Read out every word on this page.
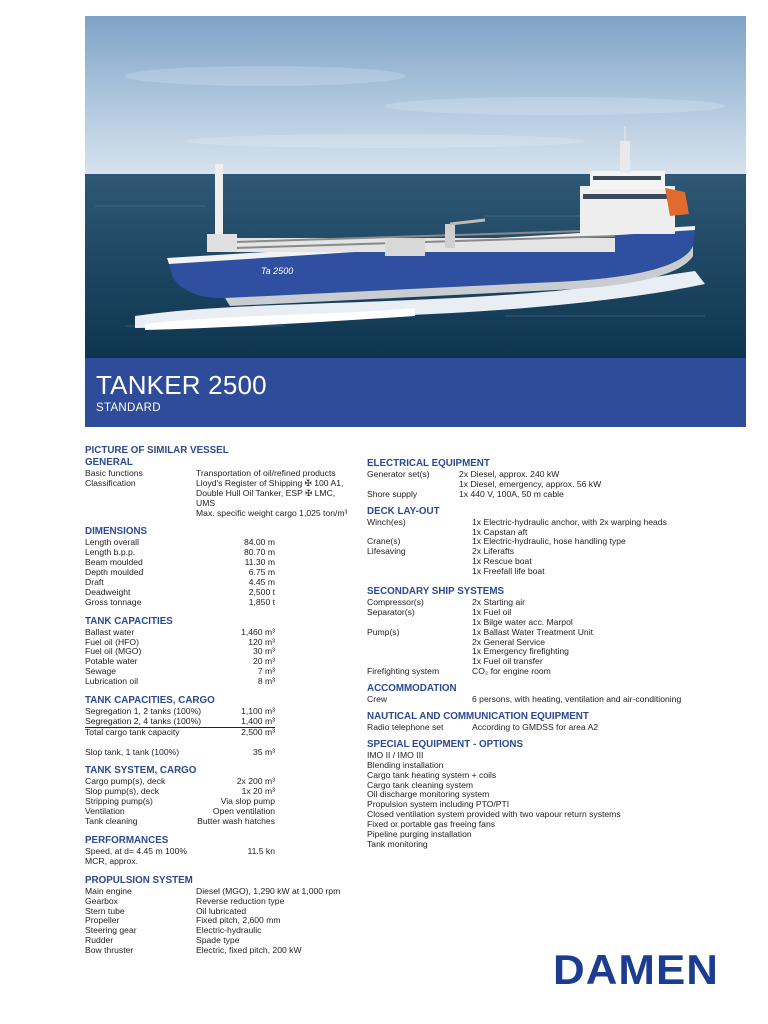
Ta 2500
TANKER 2500
STANDARD
PICTURE OF SIMILAR VESSEL
GENERAL
Basic functions	Transportation of oil/refined products
Classification	Lloyd's Register of Shipping ✠ 100 A1,
Double Hull Oil Tanker, ESP ✠ LMC,
UMS
Max. specific weight cargo 1,025 ton/m³
DIMENSIONS
Length overall	84.00 m
Length b.p.p.	80.70 m
Beam moulded	11.30 m
Depth moulded	6.75 m
Draft	4.45 m
Deadweight	2,500 t
Gross tonnage	1,850 t
TANK CAPACITIES
Ballast water	1,460 m³
Fuel oil (HFO)	120 m³
Fuel oil (MGO)	30 m³
Potable water	20 m³
Sewage	7 m³
Lubrication oil	8 m³
TANK CAPACITIES, CARGO
Segregation 1, 2 tanks (100%)	1,100 m³
Segregation 2, 4 tanks (100%)	1,400 m³
Total cargo tank capacity	2,500 m³
Slop tank, 1 tank (100%)	35 m³
TANK SYSTEM, CARGO
Cargo pump(s), deck	2x 200 m³
Slop pump(s), deck	1x 20 m³
Stripping pump(s)	Via slop pump
Ventilation	Open ventilation
Tank cleaning	Butter wash hatches
PERFORMANCES
Speed, at d= 4.45 m 100%	11.5 kn
MCR, approx.
PROPULSION SYSTEM
Main engine	Diesel (MGO), 1,290 kW at 1,000 rpm
Gearbox	Reverse reduction type
Stern tube	Oil lubricated
Propeller	Fixed pitch, 2,600 mm
Steering gear	Electric-hydraulic
Rudder	Spade type
Bow thruster	Electric, fixed pitch, 200 kW
ELECTRICAL EQUIPMENT
Generator set(s)	2x Diesel, approx. 240 kW
1x Diesel, emergency, approx. 56 kW
Shore supply	1x 440 V, 100A, 50 m cable
DECK LAY-OUT
Winch(es)	1x Electric-hydraulic anchor, with 2x warping heads
1x Capstan aft
Crane(s)	1x Electric-hydraulic, hose handling type
Lifesaving	2x Liferafts
1x Rescue boat
1x Freefall life boat
SECONDARY SHIP SYSTEMS
Compressor(s)	2x Starting air
Separator(s)	1x Fuel oil
1x Bilge water acc. Marpol
Pump(s)	1x Ballast Water Treatment Unit
2x General Service
1x Emergency firefighting
1x Fuel oil transfer
Firefighting system	CO₂ for engine room
ACCOMMODATION
Crew	6 persons, with heating, ventilation and air-conditioning
NAUTICAL AND COMMUNICATION EQUIPMENT
Radio telephone set	According to GMDSS for area A2
SPECIAL EQUIPMENT - OPTIONS
IMO II / IMO III
Blending installation
Cargo tank heating system + coils
Cargo tank cleaning system
Oil discharge monitoring system
Propulsion system including PTO/PTI
Closed ventilation system provided with two vapour return systems
Fixed or portable gas freeing fans
Pipeline purging installation
Tank monitoring
DAMEN
